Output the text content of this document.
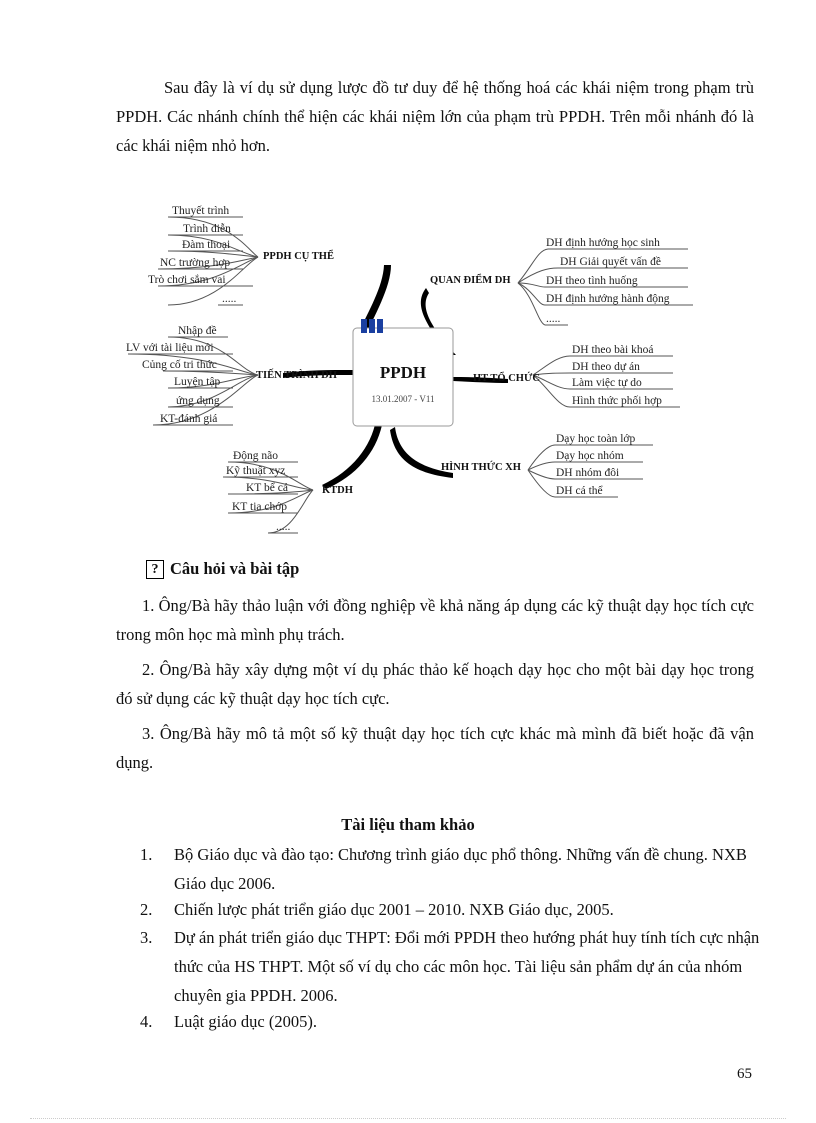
Sau đây là ví dụ sử dụng lược đồ tư duy để hệ thống hoá các khái niệm trong phạm trù PPDH. Các nhánh chính thể hiện các khái niệm lớn của phạm trù PPDH. Trên mỗi nhánh đó là các khái niệm nhỏ hơn.

PPDH
13.01.2007 - V11
PPDH CỤ THỂ
TIẾN TRÌNH DH
KTDH
QUAN ĐIỂM DH
HT TỔ CHỨC
HÌNH THỨC XH
Thuyết trình
Trình diễn
Đàm thoại
NC trường hợp
Trò chơi sắm vai
.....
Nhập đề
LV với tài liệu mới
Củng cố tri thức
Luyện tập
ứng dụng
KT-đánh giá
Động não
Kỹ thuật xyz
KT bể cá
KT tia chớp
.....
DH định hướng học sinh
DH Giải quyết vấn đề
DH theo tình huống
DH định hướng hành động
.....
DH theo bài khoá
DH theo dự án
Làm việc tự do
Hình thức phối hợp
Dạy học toàn lớp
Dạy học nhóm
DH nhóm đôi
DH cá thể
? Câu hỏi và bài tập

1. Ông/Bà hãy thảo luận với đồng nghiệp về khả năng áp dụng các kỹ thuật dạy học tích cực trong môn học mà mình phụ trách.

2. Ông/Bà hãy xây dựng một ví dụ phác thảo kế hoạch dạy học cho một bài dạy học trong đó sử dụng các kỹ thuật dạy học tích cực.

3. Ông/Bà hãy mô tả một số kỹ thuật dạy học tích cực khác mà mình đã biết hoặc đã vận dụng.

Tài liệu tham khảo
1. Bộ Giáo dục và đào tạo: Chương trình giáo dục phổ thông. Những vấn đề chung. NXB Giáo dục 2006.
2. Chiến lược phát triển giáo dục 2001 – 2010. NXB Giáo dục, 2005.
3. Dự án phát triển giáo dục THPT: Đổi mới PPDH theo hướng phát huy tính tích cực nhận thức của HS THPT. Một số ví dụ cho các môn học. Tài liệu sản phẩm dự án của nhóm chuyên gia PPDH. 2006.
4. Luật giáo dục (2005).
65
